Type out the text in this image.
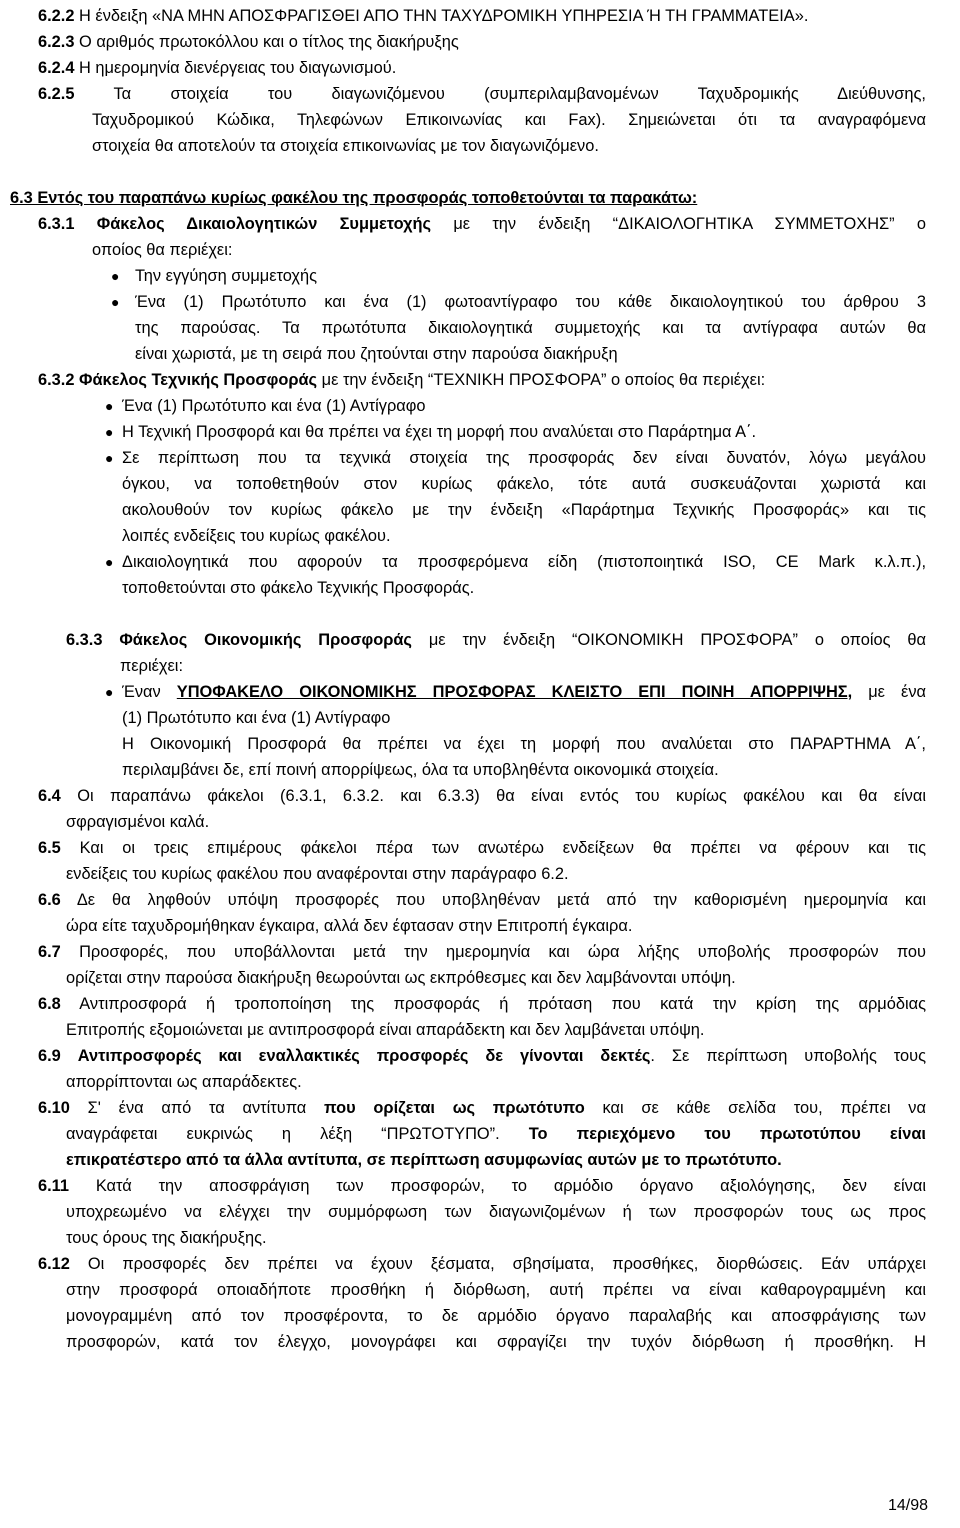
6.2.2 Η ένδειξη «ΝΑ ΜΗΝ ΑΠΟΣΦΡΑΓΙΣΘΕΙ ΑΠΟ ΤΗΝ ΤΑΧΥΔΡΟΜΙΚΗ ΥΠΗΡΕΣΙΑ Ή ΤΗ ΓΡΑΜΜΑΤΕΙΑ».
6.2.3 Ο αριθμός πρωτοκόλλου και ο τίτλος της διακήρυξης
6.2.4 Η ημερομηνία διενέργειας του διαγωνισμού.
6.2.5 Τα στοιχεία του διαγωνιζόμενου (συμπεριλαμβανομένων Ταχυδρομικής Διεύθυνσης,
Ταχυδρομικού Κώδικα, Τηλεφώνων Επικοινωνίας και Fax). Σημειώνεται ότι τα αναγραφόμενα
στοιχεία θα αποτελούν τα στοιχεία επικοινωνίας με τον διαγωνιζόμενο.
6.3 Εντός του παραπάνω κυρίως φακέλου της προσφοράς τοποθετούνται τα παρακάτω:
6.3.1 Φάκελος Δικαιολογητικών Συμμετοχής με την ένδειξη “ΔΙΚΑΙΟΛΟΓΗΤΙΚΑ ΣΥΜΜΕΤΟΧΗΣ” ο
οποίος θα περιέχει:
● Την εγγύηση συμμετοχής
● Ένα (1) Πρωτότυπο και ένα (1) φωτοαντίγραφο του κάθε δικαιολογητικού του άρθρου 3
της παρούσας. Τα πρωτότυπα δικαιολογητικά συμμετοχής και τα αντίγραφα αυτών θα
είναι χωριστά, με τη σειρά που ζητούνται στην παρούσα διακήρυξη
6.3.2 Φάκελος Τεχνικής Προσφοράς με την ένδειξη “ΤΕΧΝΙΚΗ ΠΡΟΣΦΟΡΑ” ο οποίος θα περιέχει:
● Ένα (1) Πρωτότυπο και ένα (1) Αντίγραφο
● Η Τεχνική Προσφορά και θα πρέπει να έχει τη μορφή που αναλύεται στο Παράρτημα Α΄.
● Σε περίπτωση που τα τεχνικά στοιχεία της προσφοράς δεν είναι δυνατόν, λόγω μεγάλου
όγκου, να τοποθετηθούν στον κυρίως φάκελο, τότε αυτά συσκευάζονται χωριστά και
ακολουθούν τον κυρίως φάκελο με την ένδειξη «Παράρτημα Τεχνικής Προσφοράς» και τις
λοιπές ενδείξεις του κυρίως φακέλου.
● Δικαιολογητικά που αφορούν τα προσφερόμενα είδη (πιστοποιητικά ISO, CE Mark κ.λ.π.),
τοποθετούνται στο φάκελο Τεχνικής Προσφοράς.
6.3.3 Φάκελος Οικονομικής Προσφοράς με την ένδειξη “ΟΙΚΟΝΟΜΙΚΗ ΠΡΟΣΦΟΡΑ” ο οποίος θα
περιέχει:
● Έναν ΥΠΟΦΑΚΕΛΟ ΟΙΚΟΝΟΜΙΚΗΣ ΠΡΟΣΦΟΡΑΣ ΚΛΕΙΣΤΟ ΕΠΙ ΠΟΙΝΗ ΑΠΟΡΡΙΨΗΣ, με ένα
(1) Πρωτότυπο και ένα (1) Αντίγραφο
Η Οικονομική Προσφορά θα πρέπει να έχει τη μορφή που αναλύεται στο ΠΑΡΑΡΤΗΜΑ Α΄,
περιλαμβάνει δε, επί ποινή απορρίψεως, όλα τα υποβληθέντα οικονομικά στοιχεία.
6.4 Οι παραπάνω φάκελοι (6.3.1, 6.3.2. και 6.3.3) θα είναι εντός του κυρίως φακέλου και θα είναι
σφραγισμένοι καλά.
6.5 Και οι τρεις επιμέρους φάκελοι πέρα των ανωτέρω ενδείξεων θα πρέπει να φέρουν και τις
ενδείξεις του κυρίως φακέλου που αναφέρονται στην παράγραφο 6.2.
6.6 Δε θα ληφθούν υπόψη προσφορές που υποβληθέναν μετά από την καθορισμένη ημερομηνία και
ώρα είτε ταχυδρομήθηκαν έγκαιρα, αλλά δεν έφτασαν στην Επιτροπή έγκαιρα.
6.7 Προσφορές, που υποβάλλονται μετά την ημερομηνία και ώρα λήξης υποβολής προσφορών που
ορίζεται στην παρούσα διακήρυξη θεωρούνται ως εκπρόθεσμες και δεν λαμβάνονται υπόψη.
6.8 Αντιπροσφορά ή τροποποίηση της προσφοράς ή πρόταση που κατά την κρίση της αρμόδιας
Επιτροπής εξομοιώνεται με αντιπροσφορά είναι απαράδεκτη και δεν λαμβάνεται υπόψη.
6.9 Αντιπροσφορές και εναλλακτικές προσφορές δε γίνονται δεκτές. Σε περίπτωση υποβολής τους
απορρίπτονται ως απαράδεκτες.
6.10 Σ' ένα από τα αντίτυπα που ορίζεται ως πρωτότυπο και σε κάθε σελίδα του, πρέπει να
αναγράφεται ευκρινώς η λέξη “ΠΡΩΤΟΤΥΠΟ”. Το περιεχόμενο του πρωτοτύπου είναι
επικρατέστερο από τα άλλα αντίτυπα, σε περίπτωση ασυμφωνίας αυτών με το πρωτότυπο.
6.11 Κατά την αποσφράγιση των προσφορών, το αρμόδιο όργανο αξιολόγησης, δεν είναι
υποχρεωμένο να ελέγχει την συμμόρφωση των διαγωνιζομένων ή των προσφορών τους ως προς
τους όρους της διακήρυξης.
6.12 Οι προσφορές δεν πρέπει να έχουν ξέσματα, σβησίματα, προσθήκες, διορθώσεις. Εάν υπάρχει
στην προσφορά οποιαδήποτε προσθήκη ή διόρθωση, αυτή πρέπει να είναι καθαρογραμμένη και
μονογραμμένη από τον προσφέροντα, το δε αρμόδιο όργανο παραλαβής και αποσφράγισης των
προσφορών, κατά τον έλεγχο, μονογράφει και σφραγίζει την τυχόν διόρθωση ή προσθήκη. Η
14/98
